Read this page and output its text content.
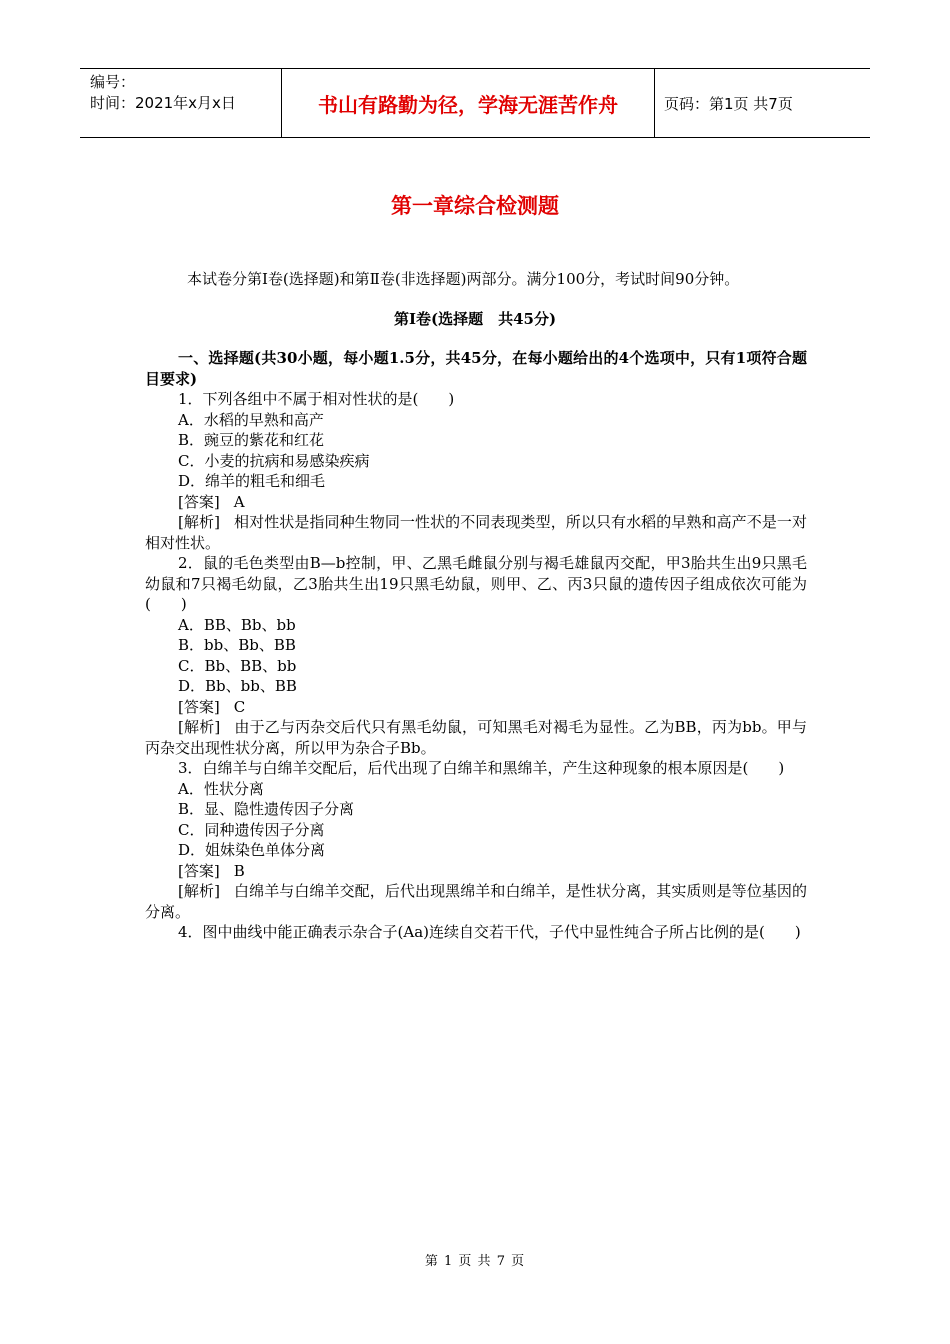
编号：
时间：2021年x月x日	书山有路勤为径，学海无涯苦作舟	页码：第1页 共7页
第一章综合检测题
本试卷分第Ⅰ卷(选择题)和第Ⅱ卷(非选择题)两部分。满分100分，考试时间90分钟。
第Ⅰ卷(选择题　共45分)

一、选择题(共30小题，每小题1.5分，共45分，在每小题给出的4个选项中，只有1项符合题目要求)

1．下列各组中不属于相对性状的是(　　)

A．水稻的早熟和高产

B．豌豆的紫花和红花

C．小麦的抗病和易感染疾病

D．绵羊的粗毛和细毛

[答案] A

[解析] 相对性状是指同种生物同一性状的不同表现类型，所以只有水稻的早熟和高产不是一对相对性状。

2．鼠的毛色类型由B—b控制，甲、乙黑毛雌鼠分别与褐毛雄鼠丙交配，甲3胎共生出9只黑毛幼鼠和7只褐毛幼鼠，乙3胎共生出19只黑毛幼鼠，则甲、乙、丙3只鼠的遗传因子组成依次可能为(　　)

A．BB、Bb、bb

B．bb、Bb、BB

C．Bb、BB、bb

D．Bb、bb、BB

[答案] C

[解析] 由于乙与丙杂交后代只有黑毛幼鼠，可知黑毛对褐毛为显性。乙为BB，丙为bb。甲与丙杂交出现性状分离，所以甲为杂合子Bb。

3．白绵羊与白绵羊交配后，后代出现了白绵羊和黑绵羊，产生这种现象的根本原因是(　　)

A．性状分离

B．显、隐性遗传因子分离

C．同种遗传因子分离

D．姐妹染色单体分离

[答案] B

[解析] 白绵羊与白绵羊交配，后代出现黑绵羊和白绵羊，是性状分离，其实质则是等位基因的分离。

4．图中曲线中能正确表示杂合子(Aa)连续自交若干代，子代中显性纯合子所占比例的是(　　)

第 1 页 共 7 页
